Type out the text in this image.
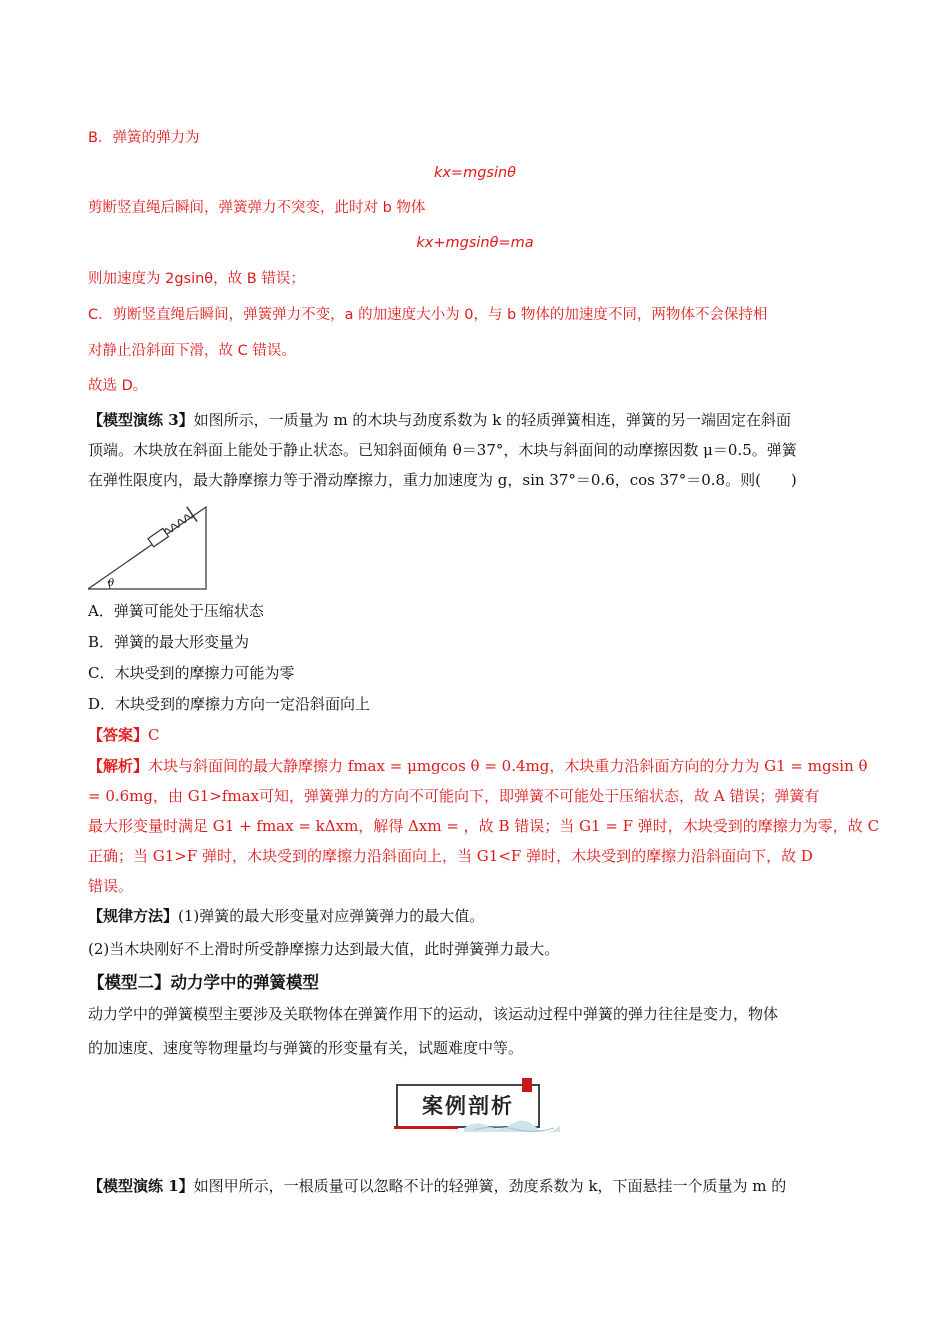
B．弹簧的弹力为
kx=mgsinθ
剪断竖直绳后瞬间，弹簧弹力不突变，此时对 b 物体
kx+mgsinθ=ma
则加速度为 2gsinθ，故 B 错误；
C．剪断竖直绳后瞬间，弹簧弹力不变，a 的加速度大小为 0，与 b 物体的加速度不同，两物体不会保持相
对静止沿斜面下滑，故 C 错误。
故选 D。
【模型演练 3】如图所示，一质量为 m 的木块与劲度系数为 k 的轻质弹簧相连，弹簧的另一端固定在斜面
顶端。木块放在斜面上能处于静止状态。已知斜面倾角 θ＝37°，木块与斜面间的动摩擦因数 μ＝0.5。弹簧
在弹性限度内，最大静摩擦力等于滑动摩擦力，重力加速度为 g，sin 37°＝0.6，cos 37°＝0.8。则(　　)
θ
A．弹簧可能处于压缩状态
B．弹簧的最大形变量为
C．木块受到的摩擦力可能为零
D．木块受到的摩擦力方向一定沿斜面向上
【答案】C
【解析】木块与斜面间的最大静摩擦力 fmax = μmgcos θ = 0.4mg，木块重力沿斜面方向的分力为 G1 = mgsin θ
= 0.6mg，由 G1>fmax可知，弹簧弹力的方向不可能向下，即弹簧不可能处于压缩状态，故 A 错误；弹簧有
最大形变量时满足 G1 + fmax = kΔxm，解得 Δxm = ，故 B 错误；当 G1 = F 弹时，木块受到的摩擦力为零，故 C
正确；当 G1>F 弹时，木块受到的摩擦力沿斜面向上，当 G1<F 弹时，木块受到的摩擦力沿斜面向下，故 D
错误。
【规律方法】(1)弹簧的最大形变量对应弹簧弹力的最大值。
(2)当木块刚好不上滑时所受静摩擦力达到最大值，此时弹簧弹力最大。
【模型二】动力学中的弹簧模型
动力学中的弹簧模型主要涉及关联物体在弹簧作用下的运动，该运动过程中弹簧的弹力往往是变力，物体
的加速度、速度等物理量均与弹簧的形变量有关，试题难度中等。
案例剖析
【模型演练 1】如图甲所示，一根质量可以忽略不计的轻弹簧，劲度系数为 k，下面悬挂一个质量为 m 的
